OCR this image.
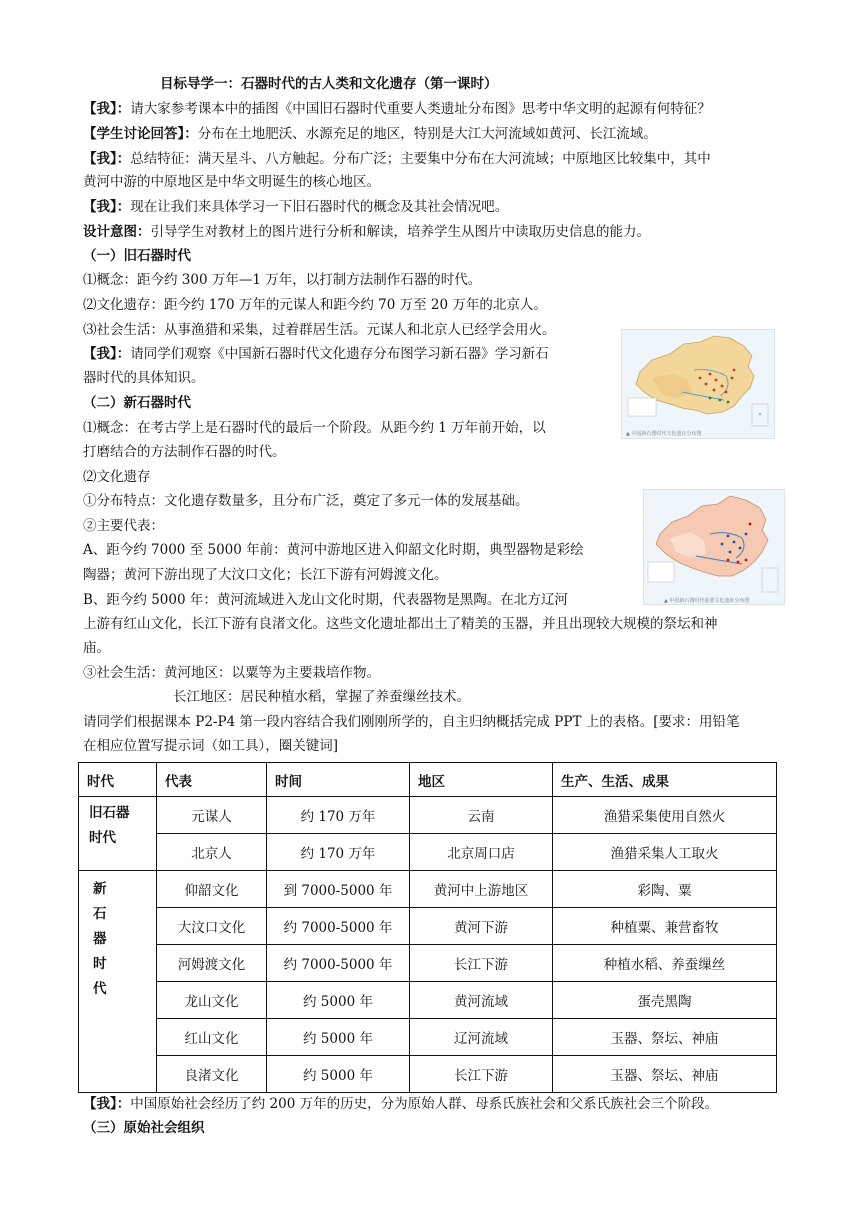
目标导学一：石器时代的古人类和文化遗存（第一课时）
【我】：请大家参考课本中的插图《中国旧石器时代重要人类遗址分布图》思考中华文明的起源有何特征？
【学生讨论回答】：分布在土地肥沃、水源充足的地区，特别是大江大河流域如黄河、长江流域。
【我】：总结特征：满天星斗、八方触起。分布广泛；主要集中分布在大河流域；中原地区比较集中，其中
黄河中游的中原地区是中华文明诞生的核心地区。
【我】：现在让我们来具体学习一下旧石器时代的概念及其社会情况吧。
设计意图：引导学生对教材上的图片进行分析和解读，培养学生从图片中读取历史信息的能力。
（一）旧石器时代
⑴概念：距今约 300 万年—1 万年，以打制方法制作石器的时代。
⑵文化遗存：距今约 170 万年的元谋人和距今约 70 万至 20 万年的北京人。
⑶社会生活：从事渔猎和采集，过着群居生活。元谋人和北京人已经学会用火。
【我】：请同学们观察《中国新石器时代文化遗存分布图学习新石器》学习新石
器时代的具体知识。
（二）新石器时代
⑴概念：在考古学上是石器时代的最后一个阶段。从距今约 1 万年前开始，以
打磨结合的方法制作石器的时代。
⑵文化遗存
①分布特点：文化遗存数量多，且分布广泛，奠定了多元一体的发展基础。
②主要代表：
A、距今约 7000 至 5000 年前：黄河中游地区进入仰韶文化时期，典型器物是彩绘
陶器；黄河下游出现了大汶口文化；长江下游有河姆渡文化。
B、距今约 5000 年：黄河流域进入龙山文化时期，代表器物是黑陶。在北方辽河
上游有红山文化，长江下游有良渚文化。这些文化遗址都出土了精美的玉器，并且出现较大规模的祭坛和神
庙。
③社会生活：黄河地区：以粟等为主要栽培作物。
长江地区：居民种植水稻，掌握了养蚕缫丝技术。
请同学们根据课本 P2-P4 第一段内容结合我们刚刚所学的，自主归纳概括完成 PPT 上的表格。[要求：用铅笔
在相应位置写提示词（如工具），圈关键词]
▲ 中国新石器时代文化遗存分布图
▲ 中国新石器时代重要文化遗址分布图
时代	代表	时间	地区	生产、生活、成果
旧石器
时代	元谋人	约 170 万年	云南	渔猎采集使用自然火
	北京人	约 170 万年	北京周口店	渔猎采集人工取火
新
石
器
时
代	仰韶文化	到 7000-5000 年	黄河中上游地区	彩陶、粟
	大汶口文化	约 7000-5000 年	黄河下游	种植粟、兼营畜牧
	河姆渡文化	约 7000-5000 年	长江下游	种植水稻、养蚕缫丝
	龙山文化	约 5000 年	黄河流域	蛋壳黑陶
	红山文化	约 5000 年	辽河流域	玉器、祭坛、神庙
	良渚文化	约 5000 年	长江下游	玉器、祭坛、神庙
【我】：中国原始社会经历了约 200 万年的历史，分为原始人群、母系氏族社会和父系氏族社会三个阶段。
（三）原始社会组织
